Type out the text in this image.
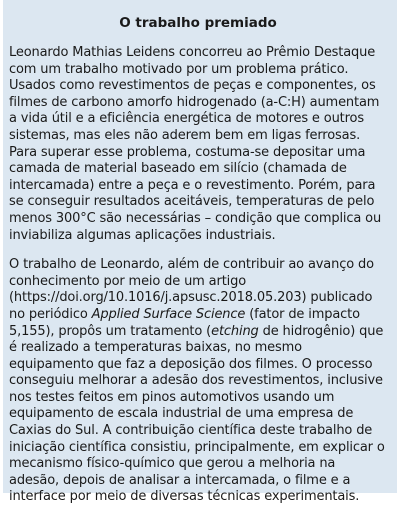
O trabalho premiado

Leonardo Mathias Leidens concorreu ao Prêmio Destaque com um trabalho motivado por um problema prático. Usados como revestimentos de peças e componentes, os filmes de carbono amorfo hidrogenado (a-C:H) aumentam a vida útil e a eficiência energética de motores e outros sistemas, mas eles não aderem bem em ligas ferrosas. Para superar esse problema, costuma-se depositar uma camada de material baseado em silício (chamada de intercamada) entre a peça e o revestimento. Porém, para se conseguir resultados aceitáveis, temperaturas de pelo menos 300°C são necessárias – condição que complica ou inviabiliza algumas aplicações industriais.

O trabalho de Leonardo, além de contribuir ao avanço do conhecimento por meio de um artigo (https://doi.org/10.1016/j.apsusc.2018.05.203) publicado no periódico Applied Surface Science (fator de impacto 5,155), propôs um tratamento (etching de hidrogênio) que é realizado a temperaturas baixas, no mesmo equipamento que faz a deposição dos filmes. O processo conseguiu melhorar a adesão dos revestimentos, inclusive nos testes feitos em pinos automotivos usando um equipamento de escala industrial de uma empresa de Caxias do Sul. A contribuição científica deste trabalho de iniciação científica consistiu, principalmente, em explicar o mecanismo físico-químico que gerou a melhoria na adesão, depois de analisar a intercamada, o filme e a interface por meio de diversas técnicas experimentais.
